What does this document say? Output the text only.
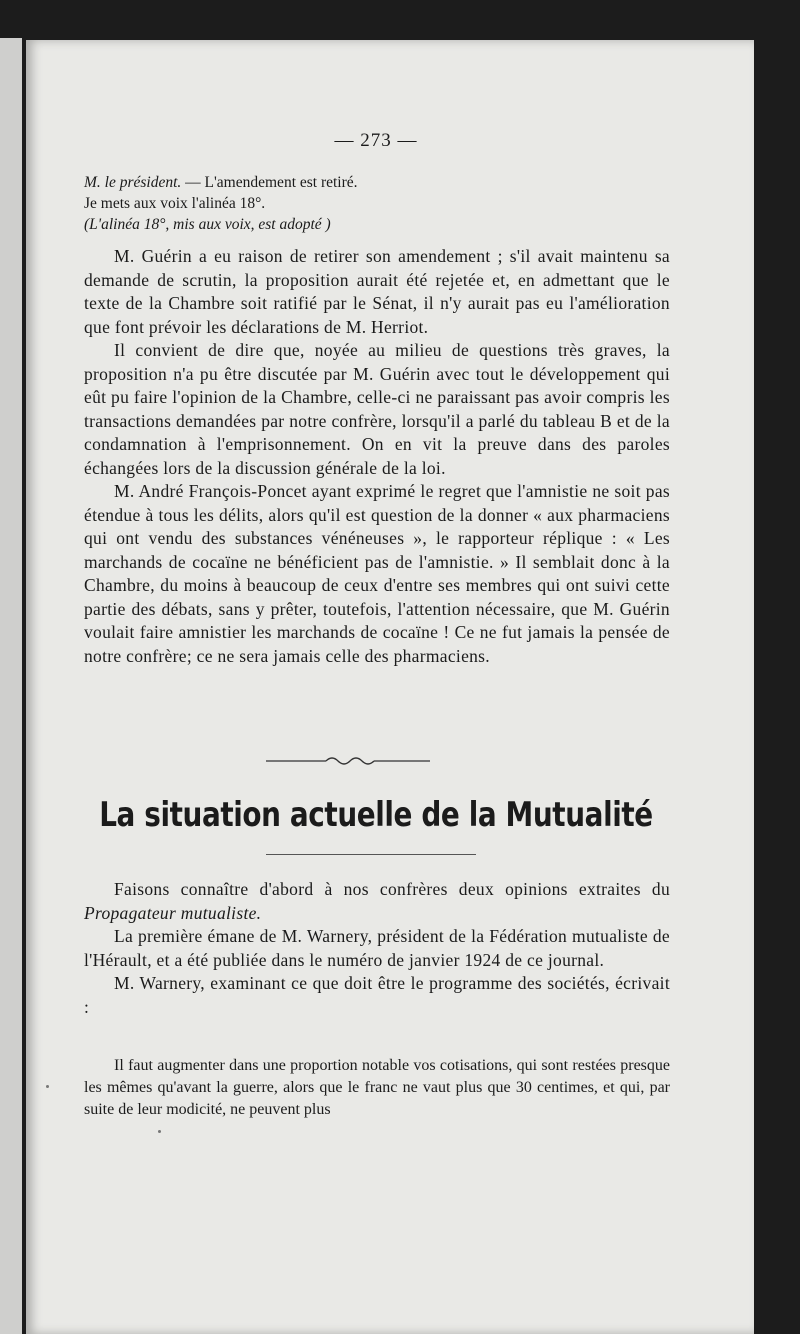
— 273 —
M. le président. — L'amendement est retiré.
Je mets aux voix l'alinéa 18°.
(L'alinéa 18°, mis aux voix, est adopté )

M. Guérin a eu raison de retirer son amendement ; s'il avait maintenu sa demande de scrutin, la proposition aurait été rejetée et, en admettant que le texte de la Chambre soit ratifié par le Sénat, il n'y aurait pas eu l'amélioration que font prévoir les déclarations de M. Herriot.

Il convient de dire que, noyée au milieu de questions très graves, la proposition n'a pu être discutée par M. Guérin avec tout le développement qui eût pu faire l'opinion de la Chambre, celle-ci ne paraissant pas avoir compris les transactions demandées par notre confrère, lorsqu'il a parlé du tableau B et de la condamnation à l'emprisonnement. On en vit la preuve dans des paroles échangées lors de la discussion générale de la loi.

M. André François-Poncet ayant exprimé le regret que l'amnistie ne soit pas étendue à tous les délits, alors qu'il est question de la donner « aux pharmaciens qui ont vendu des substances vénéneuses », le rapporteur réplique : « Les marchands de cocaïne ne bénéficient pas de l'amnistie. » Il semblait donc à la Chambre, du moins à beaucoup de ceux d'entre ses membres qui ont suivi cette partie des débats, sans y prêter, toutefois, l'attention nécessaire, que M. Guérin voulait faire amnistier les marchands de cocaïne ! Ce ne fut jamais la pensée de notre confrère; ce ne sera jamais celle des pharmaciens.

La situation actuelle de la Mutualité

Faisons connaître d'abord à nos confrères deux opinions extraites du Propagateur mutualiste.

La première émane de M. Warnery, président de la Fédération mutualiste de l'Hérault, et a été publiée dans le numéro de janvier 1924 de ce journal.

M. Warnery, examinant ce que doit être le programme des sociétés, écrivait :

Il faut augmenter dans une proportion notable vos cotisations, qui sont restées presque les mêmes qu'avant la guerre, alors que le franc ne vaut plus que 30 centimes, et qui, par suite de leur modicité, ne peuvent plus
